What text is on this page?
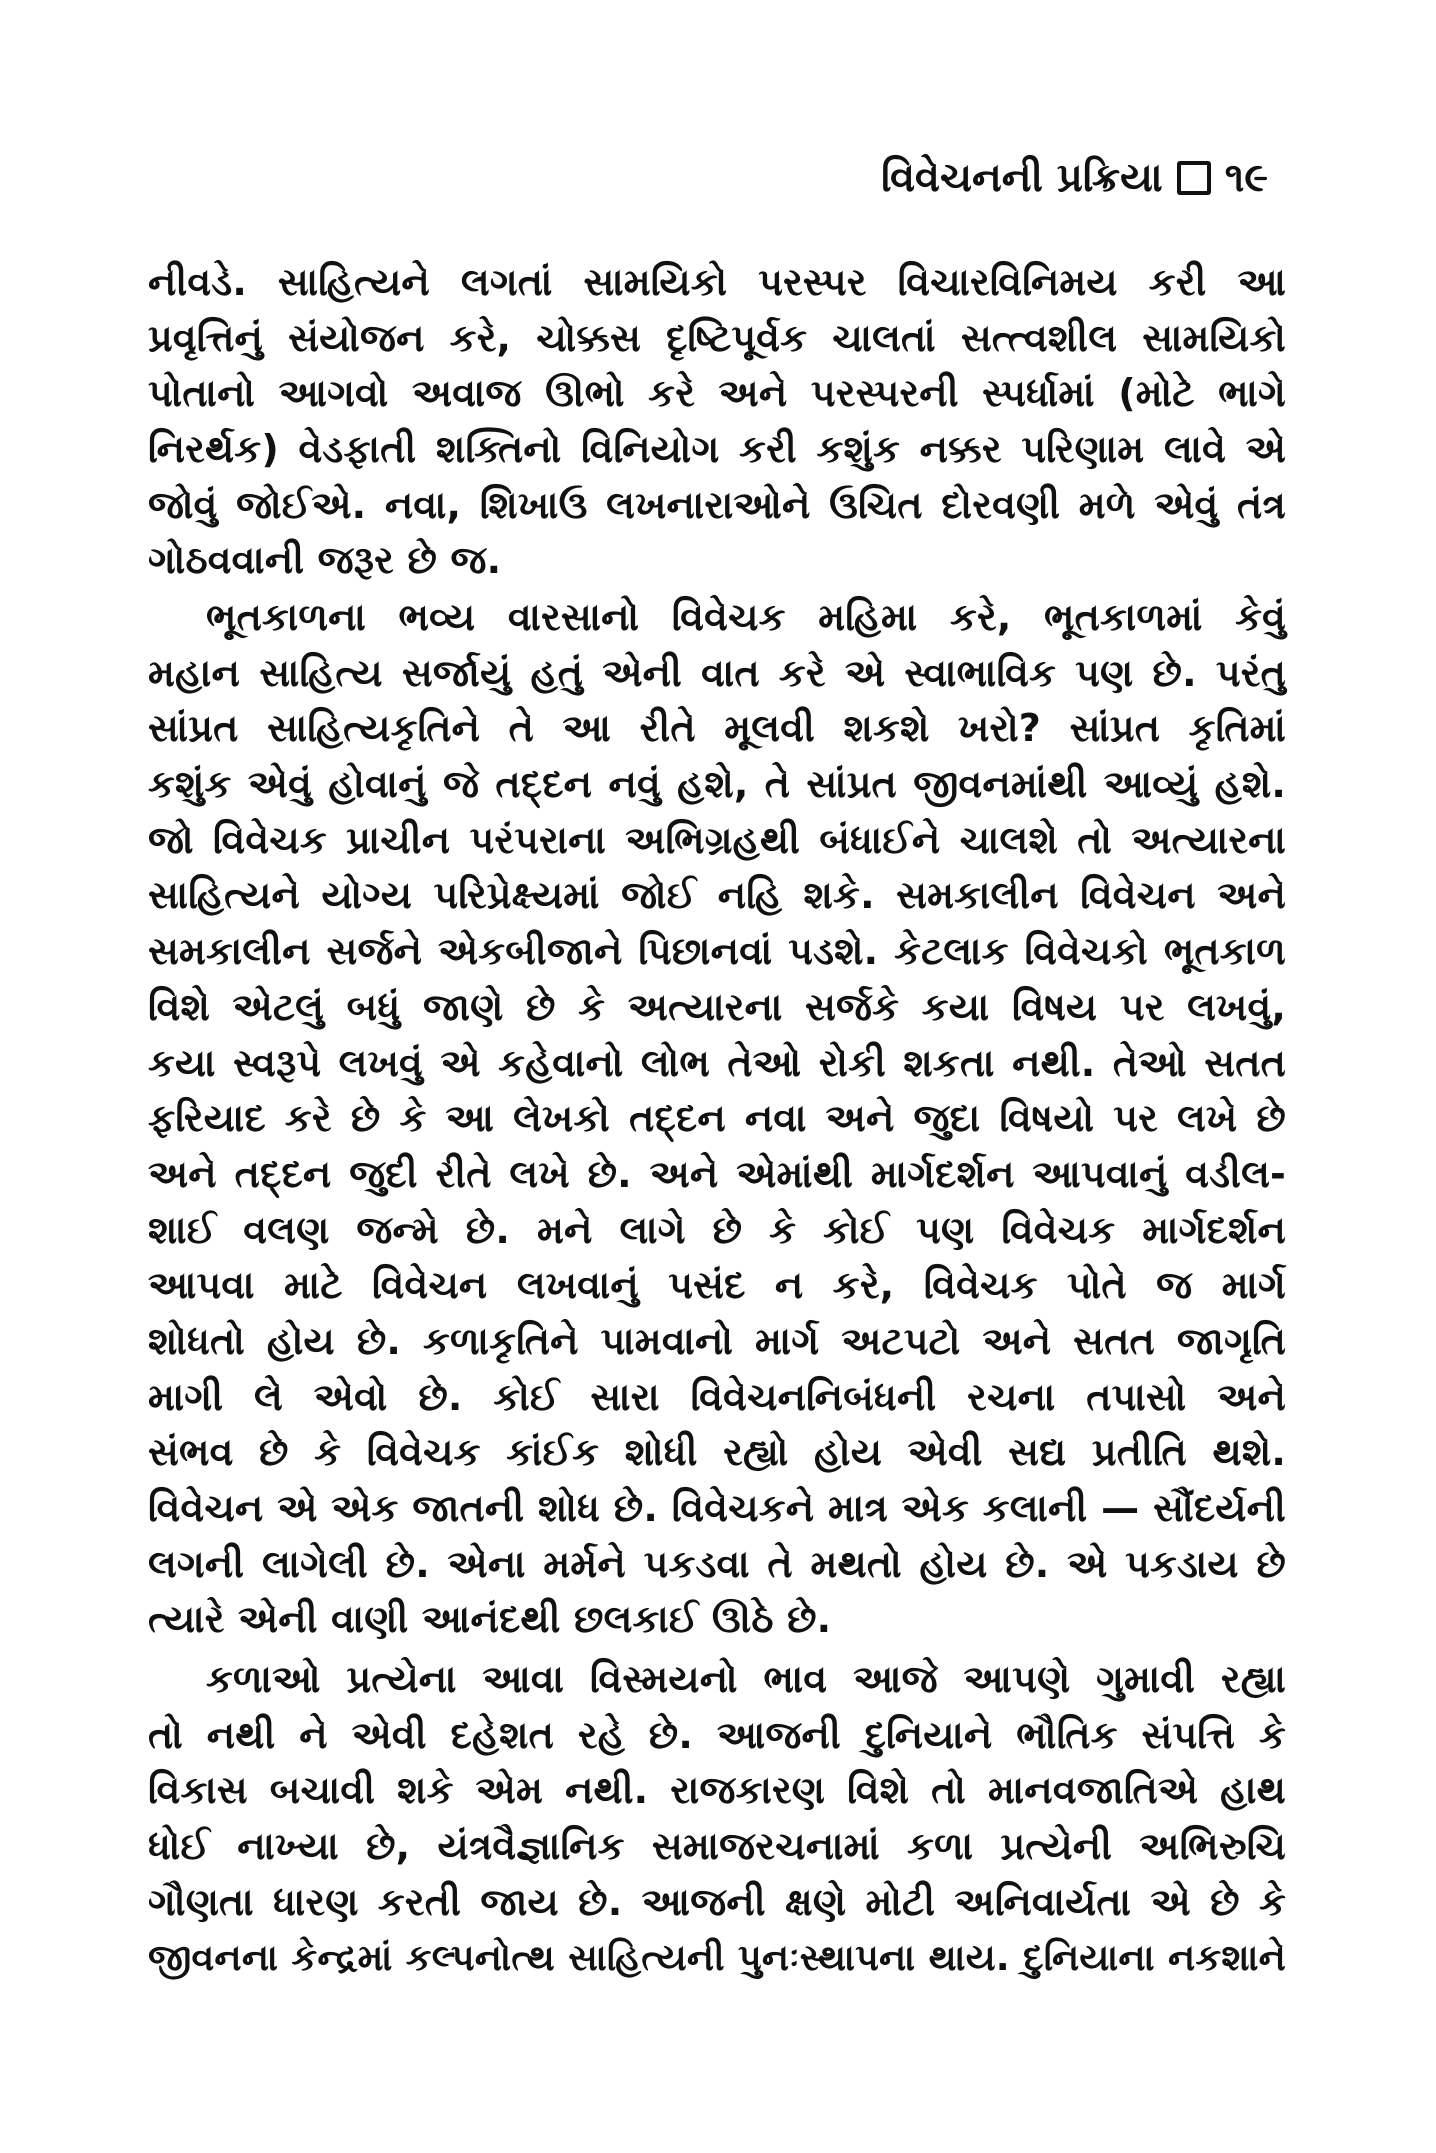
વિવેચનની પ્રક્રિયા ૧૯
નીવડે. સાહિત્યને લગતાં સામયિકો પરસ્પર વિચારવિનિમય કરી આ
પ્રવૃત્તિનું સંયોજન કરે, ચોક્કસ દૃષ્ટિપૂર્વક ચાલતાં સત્ત્વશીલ સામયિકો
પોતાનો આગવો અવાજ ઊભો કરે અને પરસ્પરની સ્પર્ધામાં (મોટે ભાગે
નિરર્થક) વેડફાતી શક્તિનો વિનિયોગ કરી કશુંક નક્કર પરિણામ લાવે એ
જોવું જોઈએ. નવા, શિખાઉ લખનારાઓને ઉચિત દોરવણી મળે એવું તંત્ર
ગોઠવવાની જરૂર છે જ.
ભૂતકાળના ભવ્ય વારસાનો વિવેચક મહિમા કરે, ભૂતકાળમાં કેવું
મહાન સાહિત્ય સર્જાયું હતું એની વાત કરે એ સ્વાભાવિક પણ છે. પરંતુ
સાંપ્રત સાહિત્યકૃતિને તે આ રીતે મૂલવી શકશે ખરો? સાંપ્રત કૃતિમાં
કશુંક એવું હોવાનું જે તદ્દન નવું હશે, તે સાંપ્રત જીવનમાંથી આવ્યું હશે.
જો વિવેચક પ્રાચીન પરંપરાના અભિગ્રહથી બંધાઈને ચાલશે તો અત્યારના
સાહિત્યને યોગ્ય પરિપ્રેક્ષ્યમાં જોઈ નહિ શકે. સમકાલીન વિવેચન અને
સમકાલીન સર્જને એકબીજાને પિછાનવાં પડશે. કેટલાક વિવેચકો ભૂતકાળ
વિશે એટલું બધું જાણે છે કે અત્યારના સર્જકે કયા વિષય પર લખવું,
કયા સ્વરૂપે લખવું એ કહેવાનો લોભ તેઓ રોકી શકતા નથી. તેઓ સતત
ફરિયાદ કરે છે કે આ લેખકો તદ્દન નવા અને જુદા વિષયો પર લખે છે
અને તદ્દન જુદી રીતે લખે છે. અને એમાંથી માર્ગદર્શન આપવાનું વડીલ-
શાઈ વલણ જન્મે છે. મને લાગે છે કે કોઈ પણ વિવેચક માર્ગદર્શન
આપવા માટે વિવેચન લખવાનું પસંદ ન કરે, વિવેચક પોતે જ માર્ગ
શોધતો હોય છે. કળાકૃતિને પામવાનો માર્ગ અટપટો અને સતત જાગૃતિ
માગી લે એવો છે. કોઈ સારા વિવેચનનિબંધની રચના તપાસો અને
સંભવ છે કે વિવેચક કાંઈક શોધી રહ્યો હોય એવી સદ્ય પ્રતીતિ થશે.
વિવેચન એ એક જાતની શોધ છે. વિવેચકને માત્ર એક કલાની — સૌંદર્યની
લગની લાગેલી છે. એના મર્મને પકડવા તે મથતો હોય છે. એ પકડાય છે
ત્યારે એની વાણી આનંદથી છલકાઈ ઊઠે છે.
કળાઓ પ્રત્યેના આવા વિસ્મયનો ભાવ આજે આપણે ગુમાવી રહ્યા
તો નથી ને એવી દહેશત રહે છે. આજની દુનિયાને ભૌતિક સંપત્તિ કે
વિકાસ બચાવી શકે એમ નથી. રાજકારણ વિશે તો માનવજાતિએ હાથ
ધોઈ નાખ્યા છે, યંત્રવૈજ્ઞાનિક સમાજરચનામાં કળા પ્રત્યેની અભિરુચિ
ગૌણતા ધારણ કરતી જાય છે. આજની ક્ષણે મોટી અનિવાર્યતા એ છે કે
જીવનના કેન્દ્રમાં કલ્પનોત્થ સાહિત્યની પુનઃસ્થાપના થાય. દુનિયાના નકશાને
